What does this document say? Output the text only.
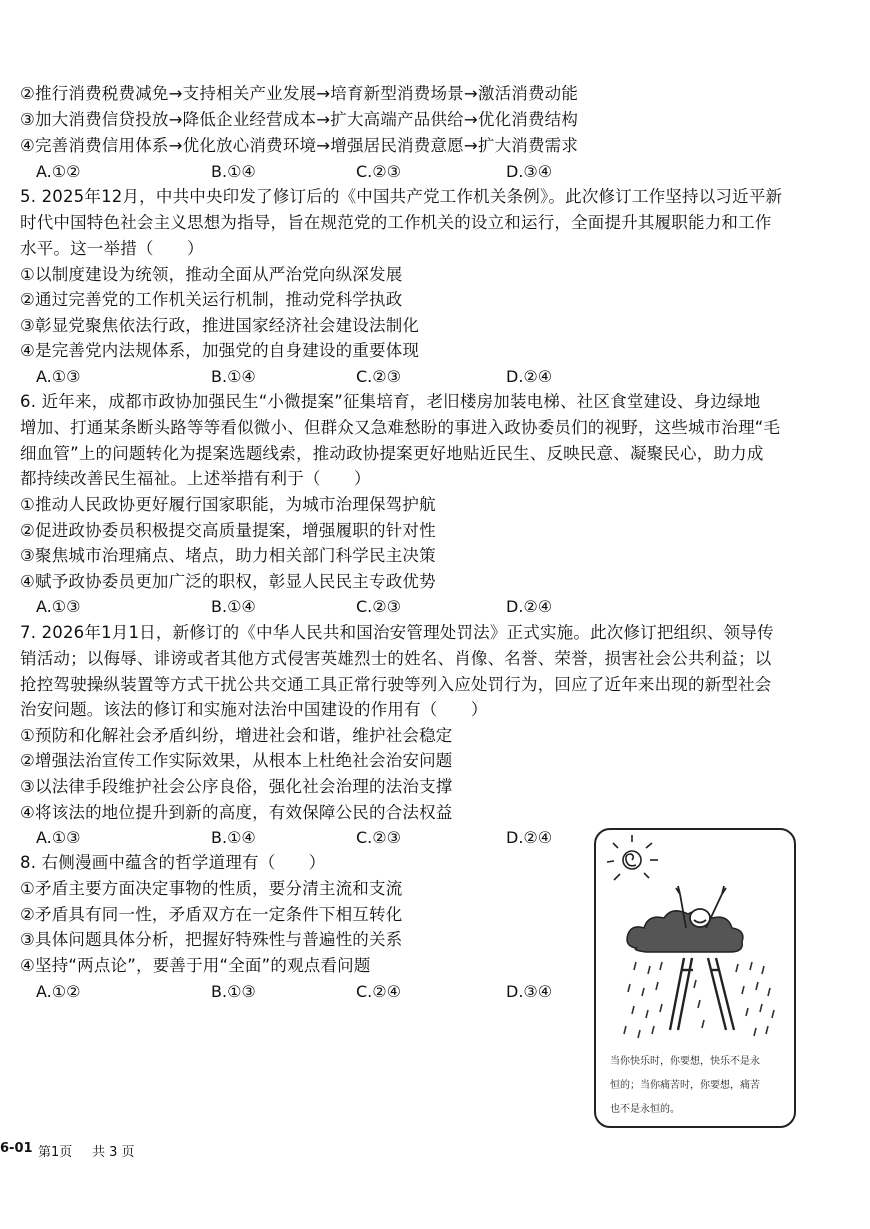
②推行消费税费减免→支持相关产业发展→培育新型消费场景→激活消费动能
③加大消费信贷投放→降低企业经营成本→扩大高端产品供给→优化消费结构
④完善消费信用体系→优化放心消费环境→增强居民消费意愿→扩大消费需求
A.①②	B.①④	C.②③	D.③④
5. 2025年12月，中共中央印发了修订后的《中国共产党工作机关条例》。此次修订工作坚持以习近平新
时代中国特色社会主义思想为指导，旨在规范党的工作机关的设立和运行，全面提升其履职能力和工作
水平。这一举措（　　）
①以制度建设为统领，推动全面从严治党向纵深发展
②通过完善党的工作机关运行机制，推动党科学执政
③彰显党聚焦依法行政，推进国家经济社会建设法制化
④是完善党内法规体系，加强党的自身建设的重要体现
A.①③	B.①④	C.②③	D.②④
6. 近年来，成都市政协加强民生“小微提案”征集培育，老旧楼房加装电梯、社区食堂建设、身边绿地
增加、打通某条断头路等等看似微小、但群众又急难愁盼的事进入政协委员们的视野，这些城市治理“毛
细血管”上的问题转化为提案选题线索，推动政协提案更好地贴近民生、反映民意、凝聚民心，助力成
都持续改善民生福祉。上述举措有利于（　　）
①推动人民政协更好履行国家职能，为城市治理保驾护航
②促进政协委员积极提交高质量提案，增强履职的针对性
③聚焦城市治理痛点、堵点，助力相关部门科学民主决策
④赋予政协委员更加广泛的职权，彰显人民民主专政优势
A.①③	B.①④	C.②③	D.②④
7. 2026年1月1日，新修订的《中华人民共和国治安管理处罚法》正式实施。此次修订把组织、领导传
销活动；以侮辱、诽谤或者其他方式侵害英雄烈士的姓名、肖像、名誉、荣誉，损害社会公共利益；以
抢控驾驶操纵装置等方式干扰公共交通工具正常行驶等列入应处罚行为，回应了近年来出现的新型社会
治安问题。该法的修订和实施对法治中国建设的作用有（　　）
①预防和化解社会矛盾纠纷，增进社会和谐，维护社会稳定
②增强法治宣传工作实际效果，从根本上杜绝社会治安问题
③以法律手段维护社会公序良俗，强化社会治理的法治支撑
④将该法的地位提升到新的高度，有效保障公民的合法权益
A.①③	B.①④	C.②③	D.②④
8. 右侧漫画中蕴含的哲学道理有（　　）
①矛盾主要方面决定事物的性质，要分清主流和支流
②矛盾具有同一性，矛盾双方在一定条件下相互转化
③具体问题具体分析，把握好特殊性与普遍性的关系
④坚持“两点论”，要善于用“全面”的观点看问题
A.①②	B.①③	C.②④	D.③④
当你快乐时，你要想，快乐不是永
恒的；当你痛苦时，你要想，痛苦
也不是永恒的。
6-01 第1页 共 3 页
